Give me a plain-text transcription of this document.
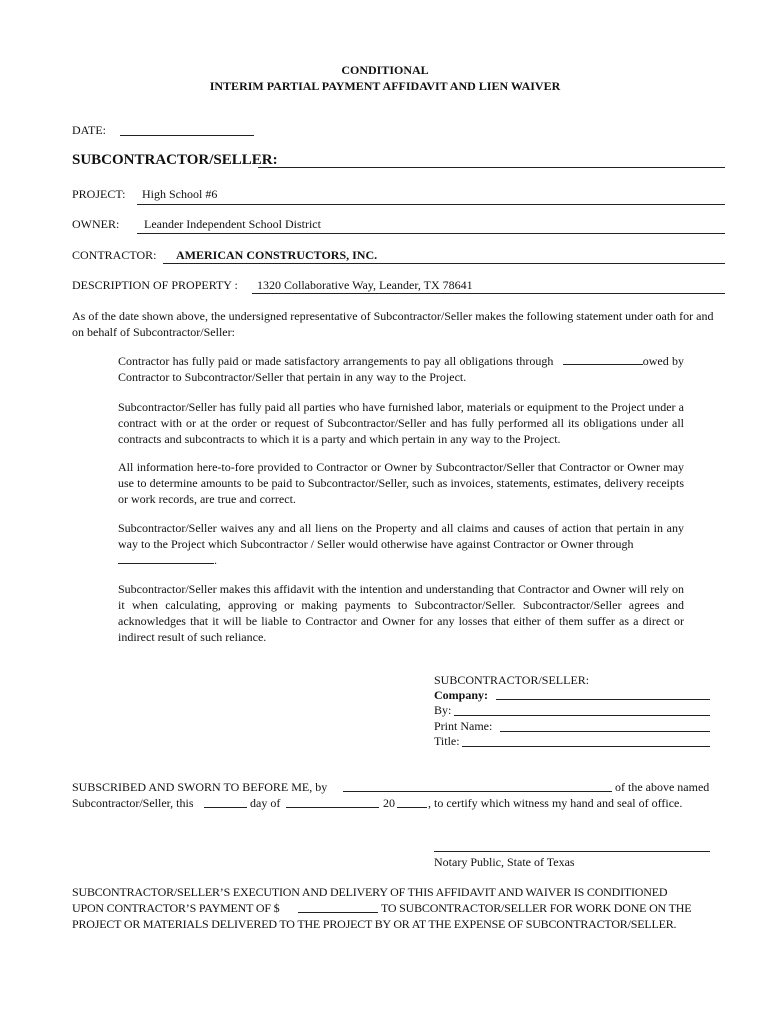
CONDITIONAL
INTERIM PARTIAL PAYMENT AFFIDAVIT AND LIEN WAIVER
DATE:
SUBCONTRACTOR/SELLER:
PROJECT: High School #6
OWNER: Leander Independent School District
CONTRACTOR: AMERICAN CONSTRUCTORS, INC.
DESCRIPTION OF PROPERTY : 1320 Collaborative Way, Leander, TX 78641
As of the date shown above, the undersigned representative of Subcontractor/Seller makes the following statement under oath for and on behalf of Subcontractor/Seller:
Contractor has fully paid or made satisfactory arrangements to pay all obligations through	owed by Contractor to Subcontractor/Seller that pertain in any way to the Project.
Subcontractor/Seller has fully paid all parties who have furnished labor, materials or equipment to the Project under a contract with or at the order or request of Subcontractor/Seller and has fully performed all its obligations under all contracts and subcontracts to which it is a party and which pertain in any way to the Project.
All information here-to-fore provided to Contractor or Owner by Subcontractor/Seller that Contractor or Owner may use to determine amounts to be paid to Subcontractor/Seller, such as invoices, statements, estimates, delivery receipts or work records, are true and correct.
Subcontractor/Seller waives any and all liens on the Property and all claims and causes of action that pertain in any way to the Project which Subcontractor / Seller would otherwise have against Contractor or Owner through
.
Subcontractor/Seller makes this affidavit with the intention and understanding that Contractor and Owner will rely on it when calculating, approving or making payments to Subcontractor/Seller. Subcontractor/Seller agrees and acknowledges that it will be liable to Contractor and Owner for any losses that either of them suffer as a direct or indirect result of such reliance.
SUBCONTRACTOR/SELLER:
Company:
By:
Print Name:
Title:
SUBSCRIBED AND SWORN TO BEFORE ME, by	of the above named
Subcontractor/Seller, this	day of	20	, to certify which witness my hand and seal of office.
Notary Public, State of Texas
SUBCONTRACTOR/SELLER’S EXECUTION AND DELIVERY OF THIS AFFIDAVIT AND WAIVER IS CONDITIONED
UPON CONTRACTOR’S PAYMENT OF $	TO SUBCONTRACTOR/SELLER FOR WORK DONE ON THE
PROJECT OR MATERIALS DELIVERED TO THE PROJECT BY OR AT THE EXPENSE OF SUBCONTRACTOR/SELLER.
